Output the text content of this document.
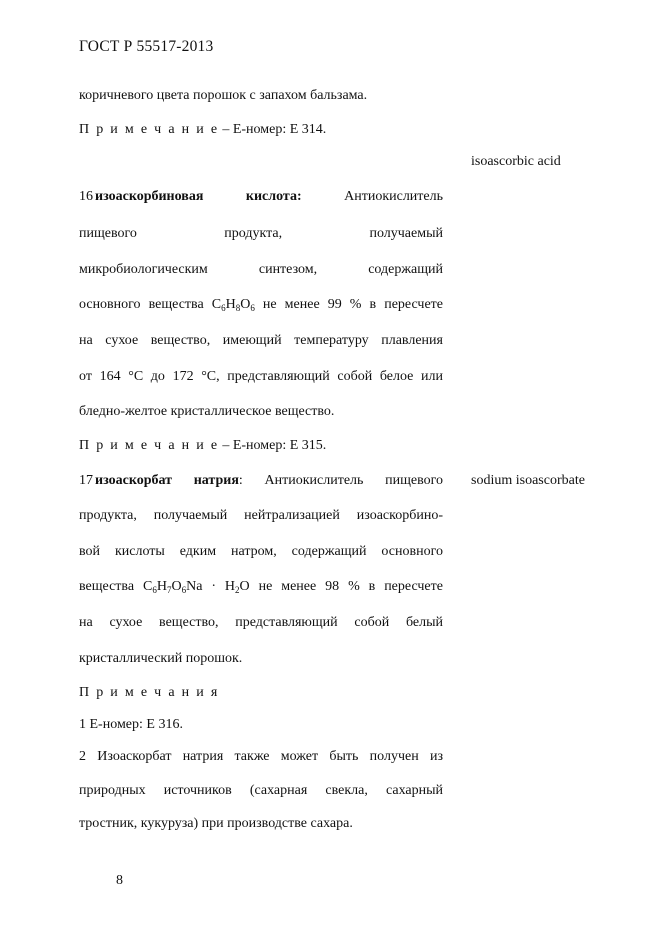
ГОСТ Р 55517-2013
коричневого цвета порошок с запахом бальзама.
П р и м е ч а н и е – E-номер: E 314.
isoascorbic acid
16 изоаскорбиновая кислота: Антиокислитель
пищевого продукта, получаемый
микробиологическим синтезом, содержащий
основного вещества $C_6H_8O_6$ не менее 99 % в пересчете
на сухое вещество, имеющий температуру плавления
от 164 °С до 172 °С, представляющий собой белое или
бледно-желтое кристаллическое вещество.
П р и м е ч а н и е – E-номер: E 315.
sodium isoascorbate
17 изоаскорбат натрия: Антиокислитель пищевого
продукта, получаемый нейтрализацией изоаскорбино-
вой кислоты едким натром, содержащий основного
вещества $C_6H_7O_6Na \cdot H_2O$ не менее 98 % в пересчете
на сухое вещество, представляющий собой белый
кристаллический порошок.
П р и м е ч а н и я
1 E-номер: E 316.
2 Изоаскорбат натрия также может быть получен из
природных источников (сахарная свекла, сахарный
тростник, кукуруза) при производстве сахара.
8
